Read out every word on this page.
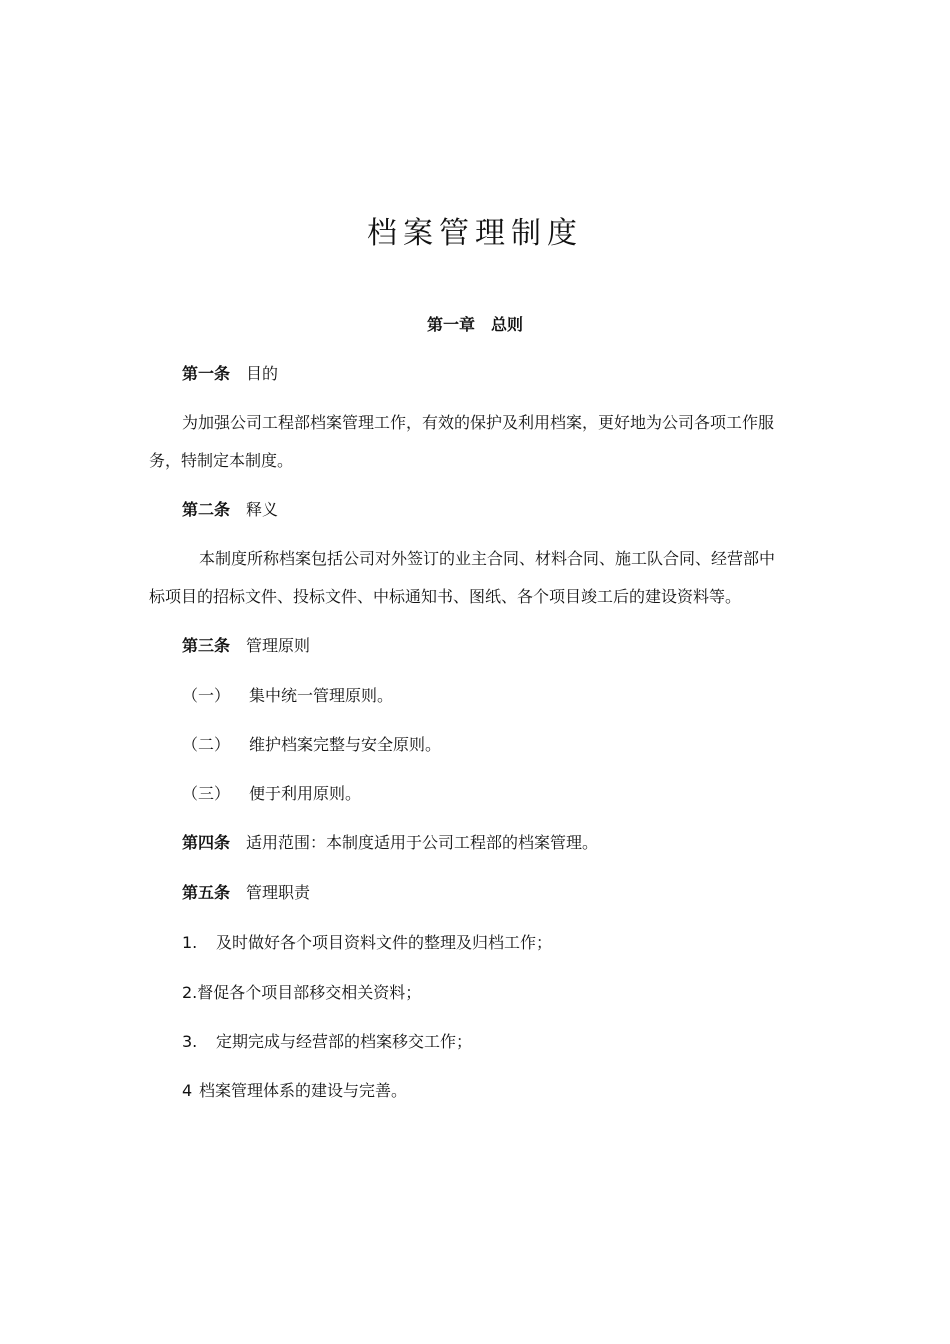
档案管理制度
第一章　总则
第一条 目的
为加强公司工程部档案管理工作，有效的保护及利用档案，更好地为公司各项工作服
务，特制定本制度。
第二条 释义
本制度所称档案包括公司对外签订的业主合同、材料合同、施工队合同、经营部中
标项目的招标文件、投标文件、中标通知书、图纸、各个项目竣工后的建设资料等。
第三条 管理原则
（一） 集中统一管理原则。
（二） 维护档案完整与安全原则。
（三） 便于利用原则。
第四条 适用范围：本制度适用于公司工程部的档案管理。
第五条 管理职责
1. 及时做好各个项目资料文件的整理及归档工作；
2.督促各个项目部移交相关资料；
3. 定期完成与经营部的档案移交工作；
4 档案管理体系的建设与完善。
